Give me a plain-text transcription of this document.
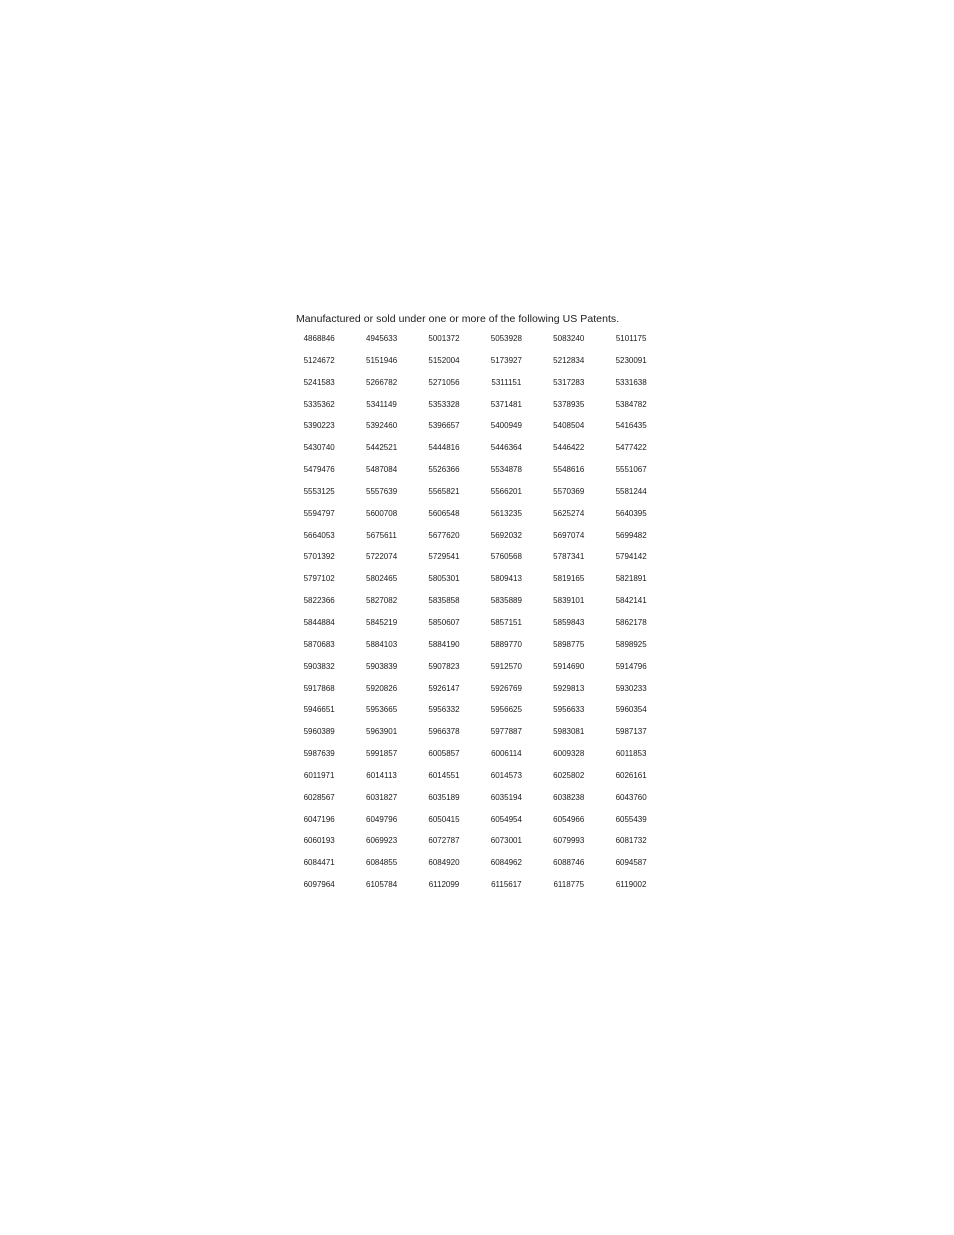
Manufactured or sold under one or more of the following US Patents.

4868846	4945633	5001372	5053928	5083240	5101175
5124672	5151946	5152004	5173927	5212834	5230091
5241583	5266782	5271056	5311151	5317283	5331638
5335362	5341149	5353328	5371481	5378935	5384782
5390223	5392460	5396657	5400949	5408504	5416435
5430740	5442521	5444816	5446364	5446422	5477422
5479476	5487084	5526366	5534878	5548616	5551067
5553125	5557639	5565821	5566201	5570369	5581244
5594797	5600708	5606548	5613235	5625274	5640395
5664053	5675611	5677620	5692032	5697074	5699482
5701392	5722074	5729541	5760568	5787341	5794142
5797102	5802465	5805301	5809413	5819165	5821891
5822366	5827082	5835858	5835889	5839101	5842141
5844884	5845219	5850607	5857151	5859843	5862178
5870683	5884103	5884190	5889770	5898775	5898925
5903832	5903839	5907823	5912570	5914690	5914796
5917868	5920826	5926147	5926769	5929813	5930233
5946651	5953665	5956332	5956625	5956633	5960354
5960389	5963901	5966378	5977887	5983081	5987137
5987639	5991857	6005857	6006114	6009328	6011853
6011971	6014113	6014551	6014573	6025802	6026161
6028567	6031827	6035189	6035194	6038238	6043760
6047196	6049796	6050415	6054954	6054966	6055439
6060193	6069923	6072787	6073001	6079993	6081732
6084471	6084855	6084920	6084962	6088746	6094587
6097964	6105784	6112099	6115617	6118775	6119002
